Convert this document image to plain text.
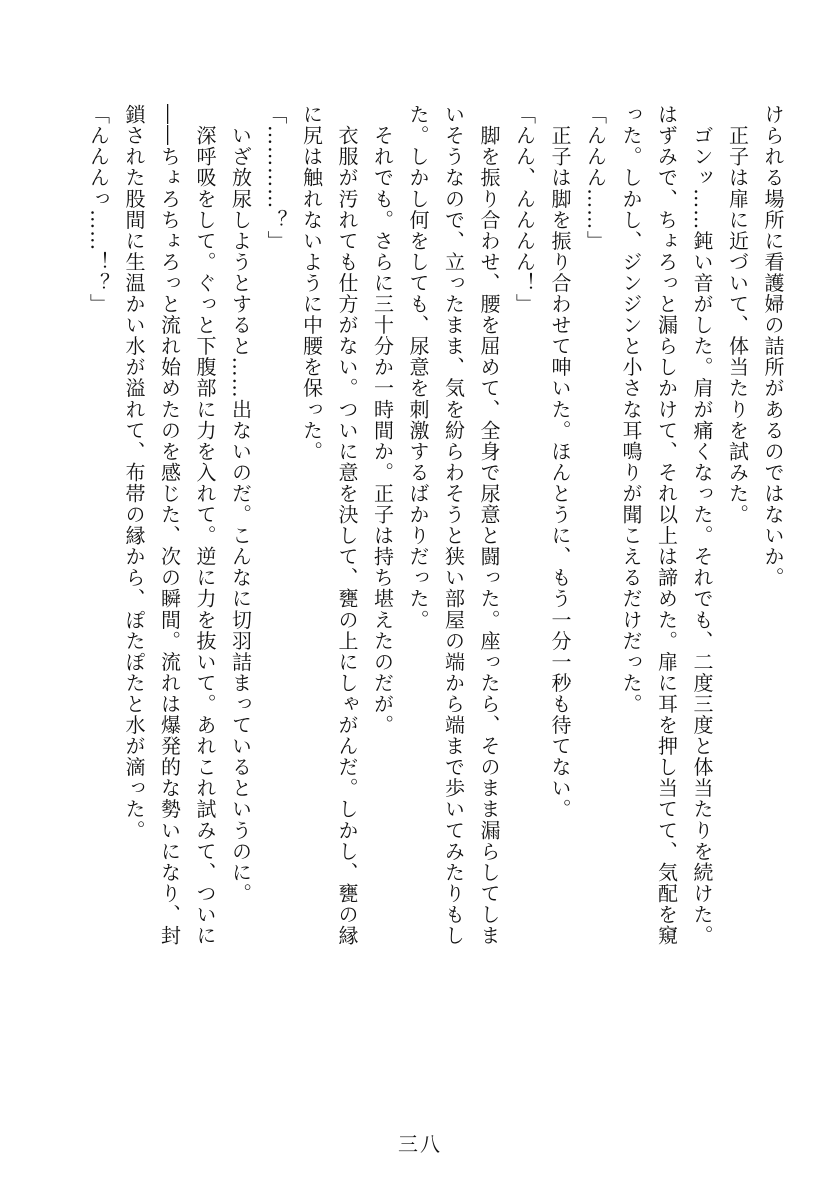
けられる場所に看護婦の詰所があるのではないか。
　正子は扉に近づいて、体当たりを試みた。
　ゴンッ……鈍い音がした。肩が痛くなった。それでも、二度三度と体当たりを続けた。
はずみで、ちょろっと漏らしかけて、それ以上は諦めた。扉に耳を押し当てて、気配を窺
った。しかし、ジンジンと小さな耳鳴りが聞こえるだけだった。
「んんん……」
　正子は脚を振り合わせて呻いた。ほんとうに、もう一分一秒も待てない。
「んん、んんんん！」
　脚を振り合わせ、腰を屈めて、全身で尿意と闘った。座ったら、そのまま漏らしてしま
いそうなので、立ったまま、気を紛らわそうと狭い部屋の端から端まで歩いてみたりもし
た。しかし何をしても、尿意を刺激するばかりだった。
　それでも。さらに三十分か一時間か。正子は持ち堪えたのだが。
　衣服が汚れても仕方がない。ついに意を決して、甕の上にしゃがんだ。しかし、甕の縁
に尻は触れないように中腰を保った。
「…………？」
　いざ放尿しようとすると……出ないのだ。こんなに切羽詰まっているというのに。
　深呼吸をして。ぐっと下腹部に力を入れて。逆に力を抜いて。あれこれ試みて、ついに
――ちょろちょろっと流れ始めたのを感じた、次の瞬間。流れは爆発的な勢いになり、封
鎖された股間に生温かい水が溢れて、布帯の縁から、ぽたぽたと水が滴った。
「んんんっ……！？」
三八
